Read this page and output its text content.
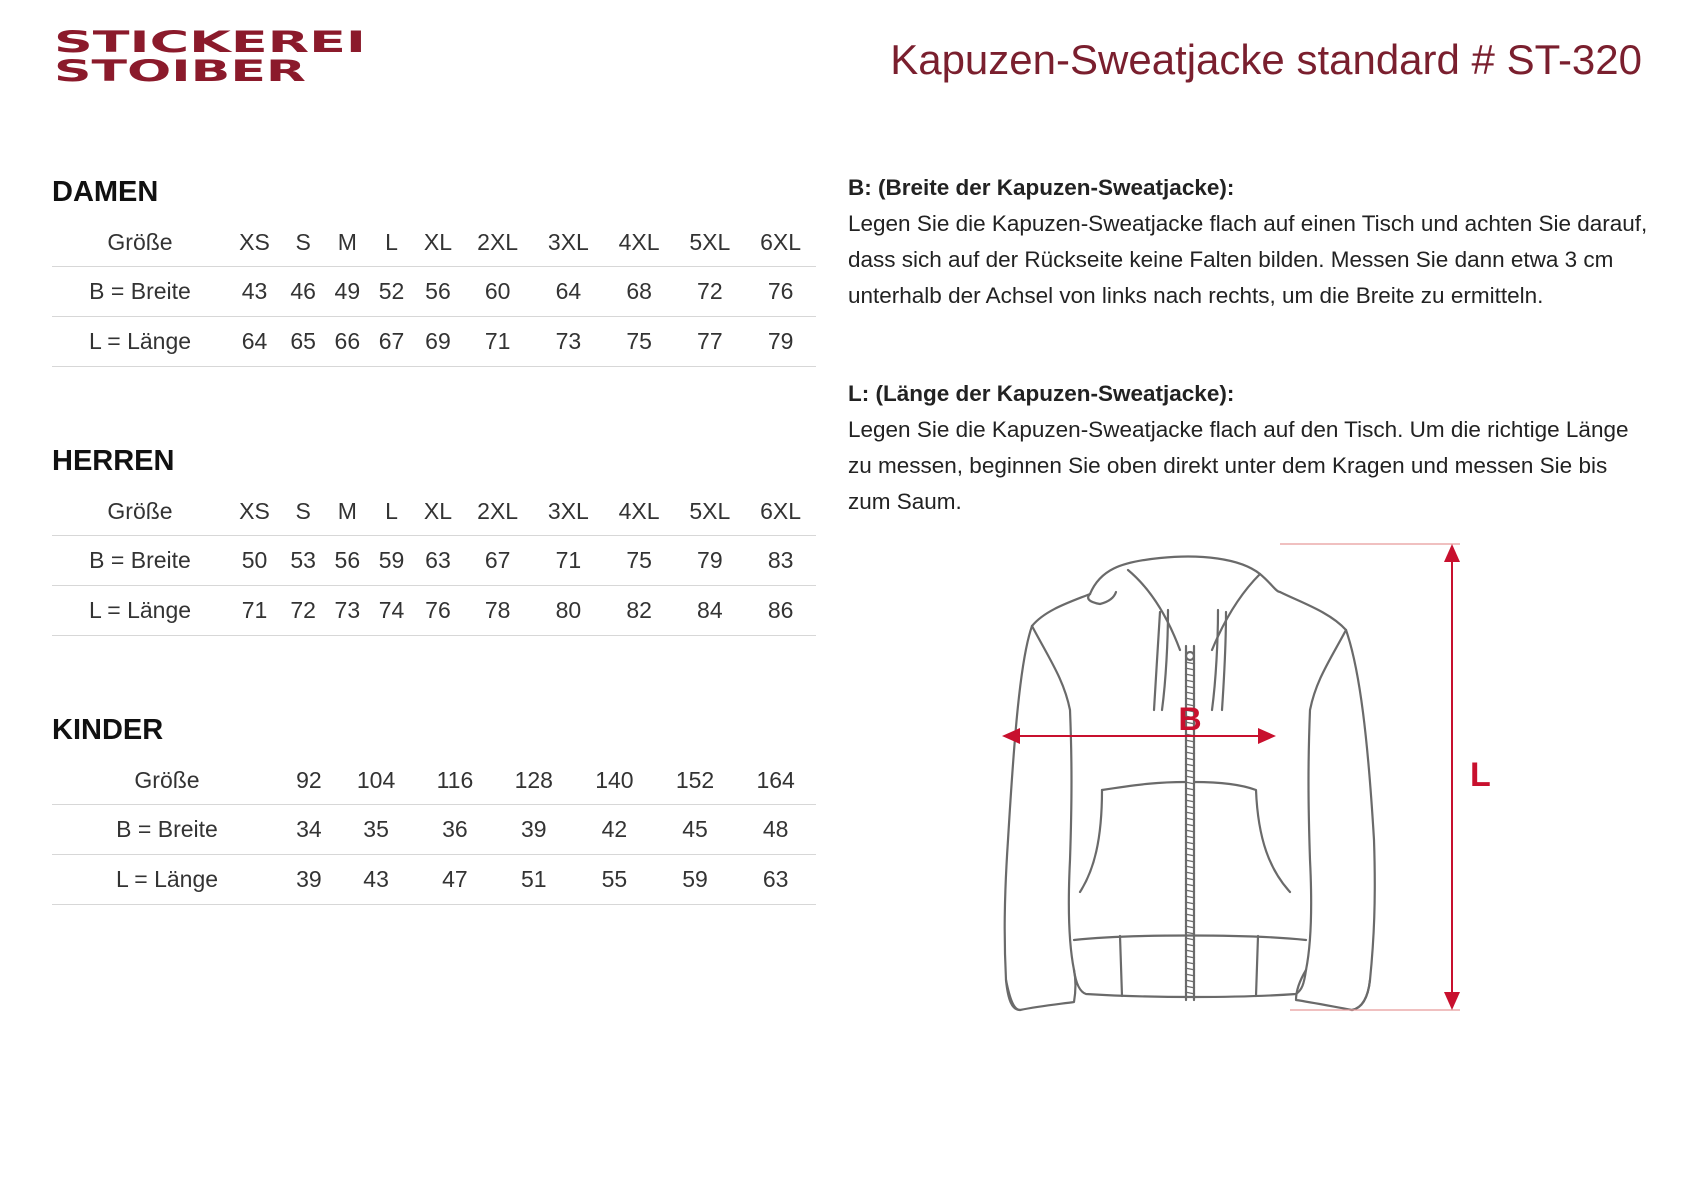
STICKEREI
STOIBER	Kapuzen-Sweatjacke standard # ST-320
DAMEN
Größe	XS	S	M	L	XL	2XL	3XL	4XL	5XL	6XL
B = Breite	43	46	49	52	56	60	64	68	72	76
L = Länge	64	65	66	67	69	71	73	75	77	79
HERREN
Größe	XS	S	M	L	XL	2XL	3XL	4XL	5XL	6XL
B = Breite	50	53	56	59	63	67	71	75	79	83
L = Länge	71	72	73	74	76	78	80	82	84	86
KINDER
Größe	92	104	116	128	140	152	164
B = Breite	34	35	36	39	42	45	48
L = Länge	39	43	47	51	55	59	63
B: (Breite der Kapuzen-Sweatjacke):
Legen Sie die Kapuzen-Sweatjacke flach auf einen Tisch und achten Sie darauf, dass sich auf der Rückseite keine Falten bilden. Messen Sie dann etwa 3 cm unterhalb der Achsel von links nach rechts, um die Breite zu ermitteln.
L: (Länge der Kapuzen-Sweatjacke):
Legen Sie die Kapuzen-Sweatjacke flach auf den Tisch. Um die richtige Länge zu messen, beginnen Sie oben direkt unter dem Kragen und messen Sie bis zum Saum.
B
L
